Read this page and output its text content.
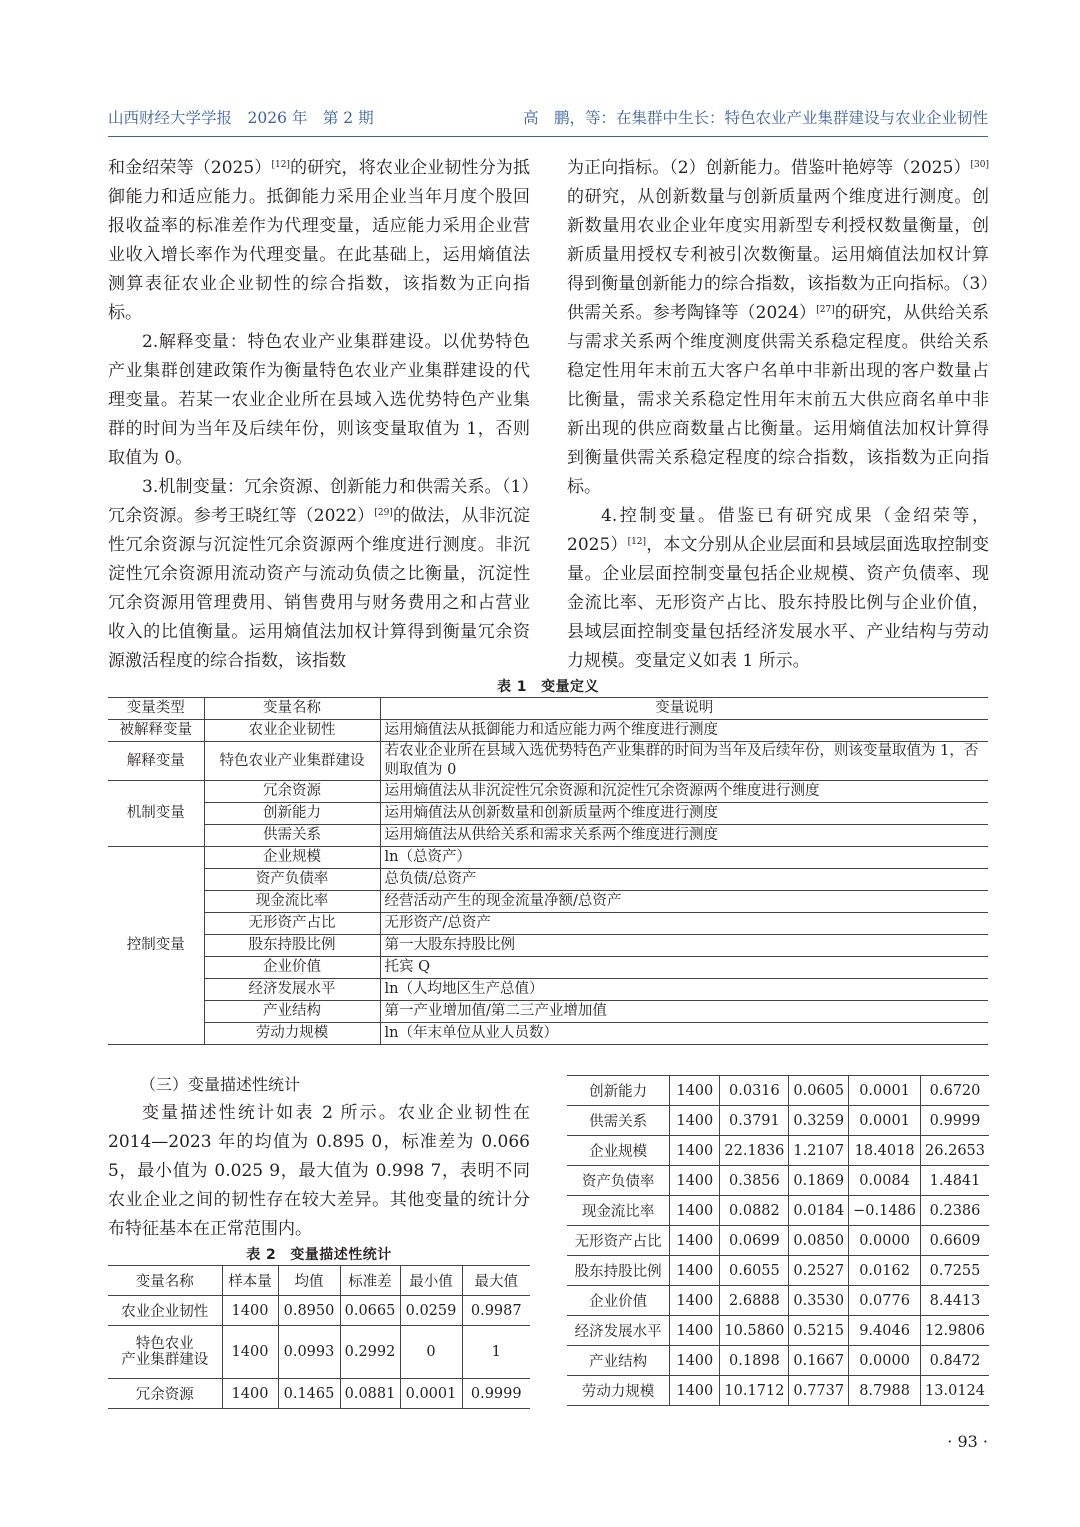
山西财经大学学报　2026 年　第 2 期	高　鹏，等：在集群中生长：特色农业产业集群建设与农业企业韧性

和金绍荣等（2025）[12]的研究，将农业企业韧性分为抵御能力和适应能力。抵御能力采用企业当年月度个股回报收益率的标准差作为代理变量，适应能力采用企业营业收入增长率作为代理变量。在此基础上，运用熵值法测算表征农业企业韧性的综合指数，该指数为正向指标。

2.解释变量：特色农业产业集群建设。以优势特色产业集群创建政策作为衡量特色农业产业集群建设的代理变量。若某一农业企业所在县域入选优势特色产业集群的时间为当年及后续年份，则该变量取值为 1，否则取值为 0。

3.机制变量：冗余资源、创新能力和供需关系。（1）冗余资源。参考王晓红等（2022）[29]的做法，从非沉淀性冗余资源与沉淀性冗余资源两个维度进行测度。非沉淀性冗余资源用流动资产与流动负债之比衡量，沉淀性冗余资源用管理费用、销售费用与财务费用之和占营业收入的比值衡量。运用熵值法加权计算得到衡量冗余资源激活程度的综合指数，该指数

为正向指标。（2）创新能力。借鉴叶艳婷等（2025）[30]的研究，从创新数量与创新质量两个维度进行测度。创新数量用农业企业年度实用新型专利授权数量衡量，创新质量用授权专利被引次数衡量。运用熵值法加权计算得到衡量创新能力的综合指数，该指数为正向指标。（3）供需关系。参考陶锋等（2024）[27]的研究，从供给关系与需求关系两个维度测度供需关系稳定程度。供给关系稳定性用年末前五大客户名单中非新出现的客户数量占比衡量，需求关系稳定性用年末前五大供应商名单中非新出现的供应商数量占比衡量。运用熵值法加权计算得到衡量供需关系稳定程度的综合指数，该指数为正向指标。

4.控制变量。借鉴已有研究成果（金绍荣等，2025）[12]，本文分别从企业层面和县域层面选取控制变量。企业层面控制变量包括企业规模、资产负债率、现金流比率、无形资产占比、股东持股比例与企业价值，县域层面控制变量包括经济发展水平、产业结构与劳动力规模。变量定义如表 1 所示。

表 1 变量定义
变量类型	变量名称	变量说明
被解释变量	农业企业韧性	运用熵值法从抵御能力和适应能力两个维度进行测度
解释变量	特色农业产业集群建设	若农业企业所在县域入选优势特色产业集群的时间为当年及后续年份，则该变量取值为 1，否则取值为 0
机制变量	冗余资源	运用熵值法从非沉淀性冗余资源和沉淀性冗余资源两个维度进行测度
	创新能力	运用熵值法从创新数量和创新质量两个维度进行测度
	供需关系	运用熵值法从供给关系和需求关系两个维度进行测度
控制变量	企业规模	ln（总资产）
	资产负债率	总负债/总资产
	现金流比率	经营活动产生的现金流量净额/总资产
	无形资产占比	无形资产/总资产
	股东持股比例	第一大股东持股比例
	企业价值	托宾 Q
	经济发展水平	ln（人均地区生产总值）
	产业结构	第一产业增加值/第二三产业增加值
	劳动力规模	ln（年末单位从业人员数）

（三）变量描述性统计

变量描述性统计如表 2 所示。农业企业韧性在 2014—2023 年的均值为 0.895 0，标准差为 0.066 5，最小值为 0.025 9，最大值为 0.998 7，表明不同农业企业之间的韧性存在较大差异。其他变量的统计分布特征基本在正常范围内。

表 2 变量描述性统计
变量名称	样本量	均值	标准差	最小值	最大值
农业企业韧性	1400	0.8950	0.0665	0.0259	0.9987
特色农业
产业集群建设	1400	0.0993	0.2992	0	1
冗余资源	1400	0.1465	0.0881	0.0001	0.9999
创新能力	1400	0.0316	0.0605	0.0001	0.6720
供需关系	1400	0.3791	0.3259	0.0001	0.9999
企业规模	1400	22.1836	1.2107	18.4018	26.2653
资产负债率	1400	0.3856	0.1869	0.0084	1.4841
现金流比率	1400	0.0882	0.0184	−0.1486	0.2386
无形资产占比	1400	0.0699	0.0850	0.0000	0.6609
股东持股比例	1400	0.6055	0.2527	0.0162	0.7255
企业价值	1400	2.6888	0.3530	0.0776	8.4413
经济发展水平	1400	10.5860	0.5215	9.4046	12.9806
产业结构	1400	0.1898	0.1667	0.0000	0.8472
劳动力规模	1400	10.1712	0.7737	8.7988	13.0124
· 93 ·
